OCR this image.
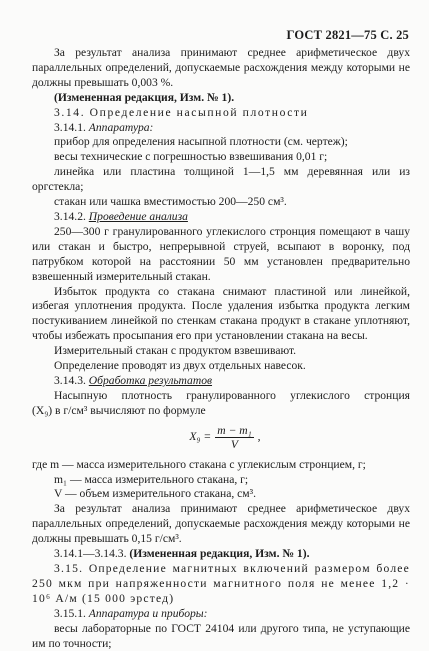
ГОСТ 2821—75 С. 25

За результат анализа принимают среднее арифметическое двух параллельных определений, допускаемые расхождения между которыми не должны превышать 0,003 %.

(Измененная редакция, Изм. № 1).

3.14. Определение насыпной плотности

3.14.1. Аппаратура:

прибор для определения насыпной плотности (см. чертеж);

весы технические с погрешностью взвешивания 0,01 г;

линейка или пластина толщиной 1—1,5 мм деревянная или из оргстекла;

стакан или чашка вместимостью 200—250 см³.

3.14.2. Проведение анализа

250—300 г гранулированного углекислого стронция помещают в чашу или стакан и быстро, непрерывной струей, всыпают в воронку, под патрубком которой на расстоянии 50 мм установлен предварительно взвешенный измерительный стакан.

Избыток продукта со стакана снимают пластиной или линейкой, избегая уплотнения продукта. После удаления избытка продукта легким постукиванием линейкой по стенкам стакана продукт в стакане уплотняют, чтобы избежать просыпания его при установлении стакана на весы.

Измерительный стакан с продуктом взвешивают.

Определение проводят из двух отдельных навесок.

3.14.3. Обработка результатов

Насыпную плотность гранулированного углекислого стронция

(X₉) в г/см³ вычисляют по формуле

$X_9 = \frac{\text{m − m₁}}{V}$ ,

где m — масса измерительного стакана с углекислым стронцием, г;

m₁ — масса измерительного стакана, г;

V — объем измерительного стакана, см³.

За результат анализа принимают среднее арифметическое двух параллельных определений, допускаемые расхождения между которыми не должны превышать 0,15 г/см³.

3.14.1—3.14.3. (Измененная редакция, Изм. № 1).

3.15. Определение магнитных включений размером более 250 мкм при напряженности магнитного поля не менее 1,2 · 10⁶ А/м (15 000 эрстед)

3.15.1. Аппаратура и приборы:

весы лабораторные по ГОСТ 24104 или другого типа, не уступающие им по точности;
